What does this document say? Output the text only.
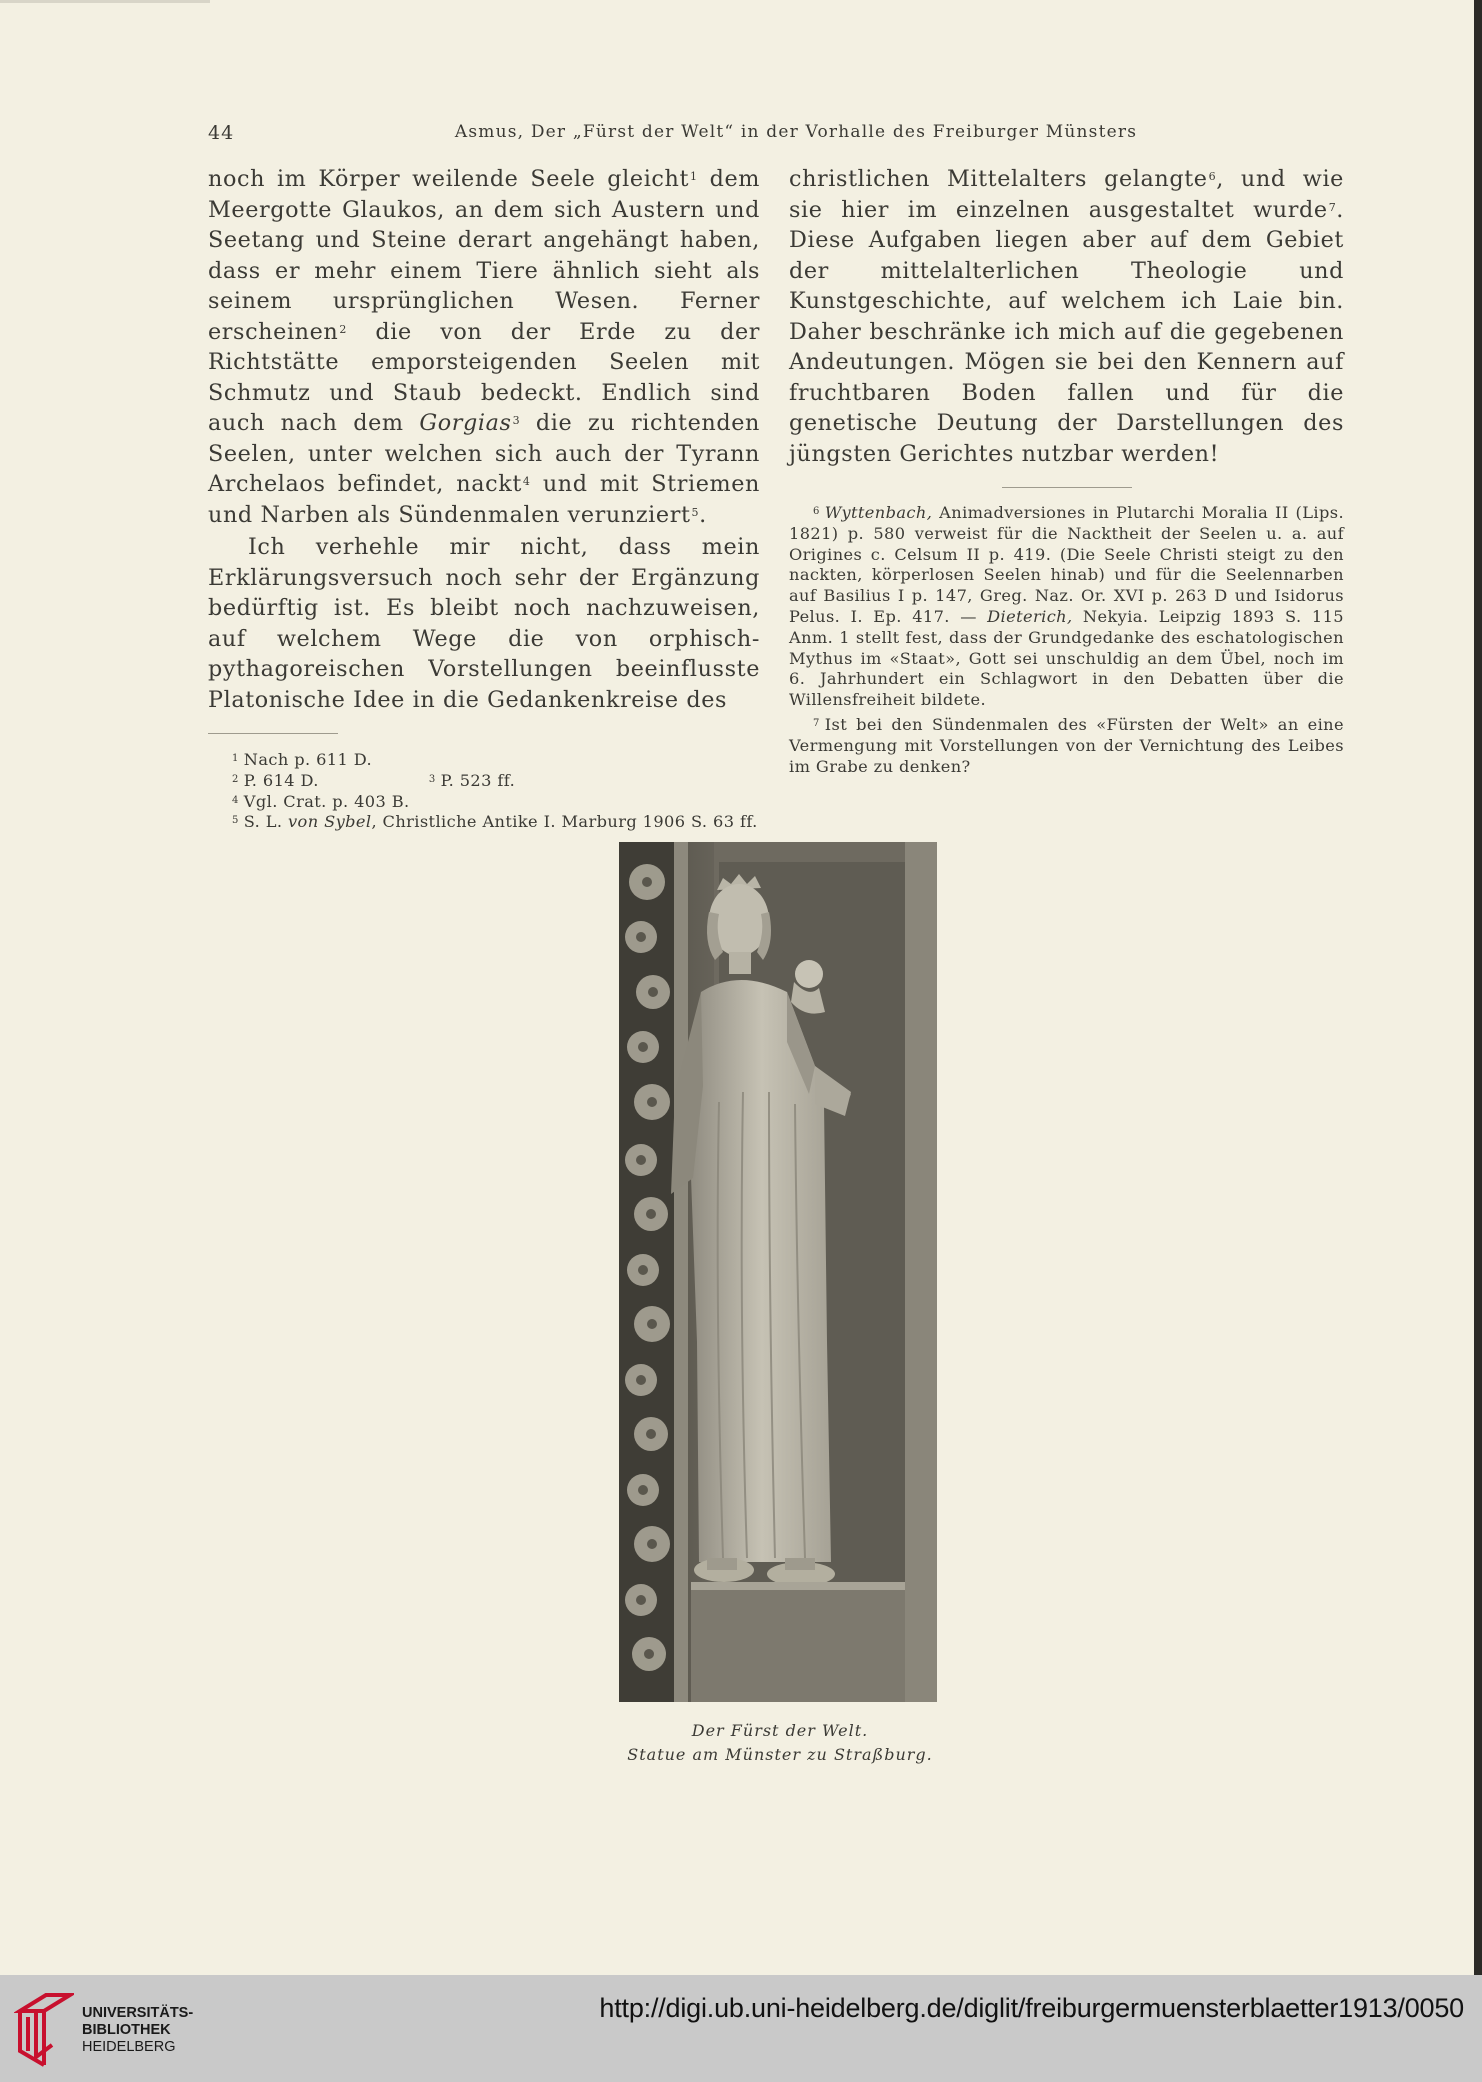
44	Asmus, Der „Fürst der Welt“ in der Vorhalle des Freiburger Münsters

noch im Körper weilende Seele gleicht$^1$ dem Meergotte Glaukos, an dem sich Austern und Seetang und Steine derart angehängt haben, dass er mehr einem Tiere ähnlich sieht als seinem ursprünglichen Wesen. Ferner erscheinen$^2$ die von der Erde zu der Richtstätte emporsteigenden Seelen mit Schmutz und Staub bedeckt. Endlich sind auch nach dem Gorgias$^3$ die zu richtenden Seelen, unter welchen sich auch der Tyrann Archelaos befindet, nackt$^4$ und mit Striemen und Narben als Sündenmalen verunziert$^5$.

Ich verhehle mir nicht, dass mein Erklärungsversuch noch sehr der Ergänzung bedürftig ist. Es bleibt noch nachzuweisen, auf welchem Wege die von orphisch-pythagoreischen Vorstellungen beeinflusste Platonische Idee in die Gedankenkreise des

$^1$ Nach p. 611 D.

$^2$ P. 614 D.	$^3$ P. 523 ff.

$^4$ Vgl. Crat. p. 403 B.

$^5$ S. L. von Sybel, Christliche Antike I. Marburg 1906 S. 63 ff.

christlichen Mittelalters gelangte$^6$, und wie sie hier im einzelnen ausgestaltet wurde$^7$. Diese Aufgaben liegen aber auf dem Gebiet der mittelalterlichen Theologie und Kunstgeschichte, auf welchem ich Laie bin. Daher beschränke ich mich auf die gegebenen Andeutungen. Mögen sie bei den Kennern auf fruchtbaren Boden fallen und für die genetische Deutung der Darstellungen des jüngsten Gerichtes nutzbar werden!

$^6$ Wyttenbach, Animadversiones in Plutarchi Moralia II (Lips. 1821) p. 580 verweist für die Nacktheit der Seelen u. a. auf Origines c. Celsum II p. 419. (Die Seele Christi steigt zu den nackten, körperlosen Seelen hinab) und für die Seelennarben auf Basilius I p. 147, Greg. Naz. Or. XVI p. 263 D und Isidorus Pelus. I. Ep. 417. — Dieterich, Nekyia. Leipzig 1893 S. 115 Anm. 1 stellt fest, dass der Grundgedanke des eschatologischen Mythus im «Staat», Gott sei unschuldig an dem Übel, noch im 6. Jahrhundert ein Schlagwort in den Debatten über die Willensfreiheit bildete.

$^7$ Ist bei den Sündenmalen des «Fürsten der Welt» an eine Vermengung mit Vorstellungen von der Vernichtung des Leibes im Grabe zu denken?

Der Fürst der Welt.
Statue am Münster zu Straßburg.
UNIVERSITÄTS-
BIBLIOTHEK
HEIDELBERG
http://digi.ub.uni-heidelberg.de/diglit/freiburgermuensterblaetter1913/0050
